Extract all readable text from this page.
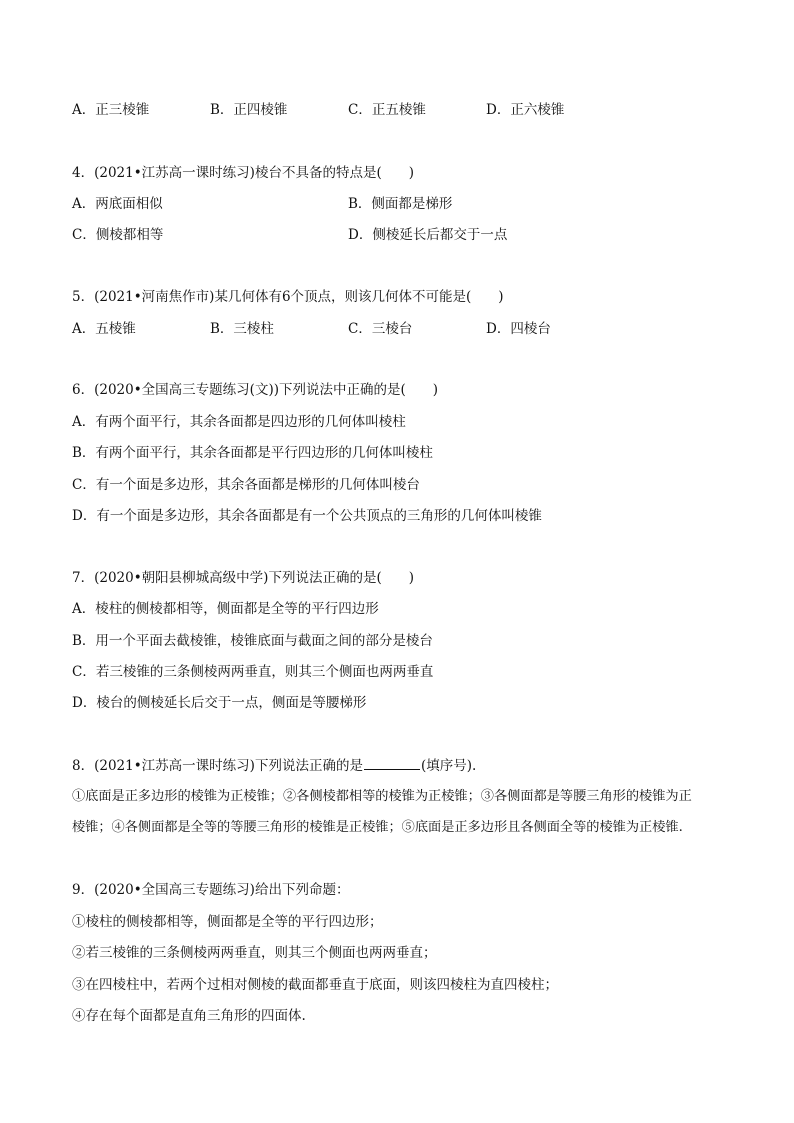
A．正三棱锥	B．正四棱锥	C．正五棱锥	D．正六棱锥
4．(2021•江苏高一课时练习)棱台不具备的特点是(　　)
A．两底面相似	B．侧面都是梯形
C．侧棱都相等	D．侧棱延长后都交于一点
5．(2021•河南焦作市)某几何体有6个顶点，则该几何体不可能是(　　)
A．五棱锥	B．三棱柱	C．三棱台	D．四棱台
6．(2020•全国高三专题练习(文))下列说法中正确的是(　　)
A．有两个面平行，其余各面都是四边形的几何体叫棱柱
B．有两个面平行，其余各面都是平行四边形的几何体叫棱柱
C．有一个面是多边形，其余各面都是梯形的几何体叫棱台
D．有一个面是多边形，其余各面都是有一个公共顶点的三角形的几何体叫棱锥
7．(2020•朝阳县柳城高级中学)下列说法正确的是(　　)
A．棱柱的侧棱都相等，侧面都是全等的平行四边形
B．用一个平面去截棱锥，棱锥底面与截面之间的部分是棱台
C．若三棱锥的三条侧棱两两垂直，则其三个侧面也两两垂直
D．棱台的侧棱延长后交于一点，侧面是等腰梯形
8．(2021•江苏高一课时练习)下列说法正确的是	(填序号).
①底面是正多边形的棱锥为正棱锥；②各侧棱都相等的棱锥为正棱锥；③各侧面都是等腰三角形的棱锥为正
棱锥；④各侧面都是全等的等腰三角形的棱锥是正棱锥；⑤底面是正多边形且各侧面全等的棱锥为正棱锥.
9．(2020•全国高三专题练习)给出下列命题：
①棱柱的侧棱都相等，侧面都是全等的平行四边形；
②若三棱锥的三条侧棱两两垂直，则其三个侧面也两两垂直；
③在四棱柱中，若两个过相对侧棱的截面都垂直于底面，则该四棱柱为直四棱柱；
④存在每个面都是直角三角形的四面体.
